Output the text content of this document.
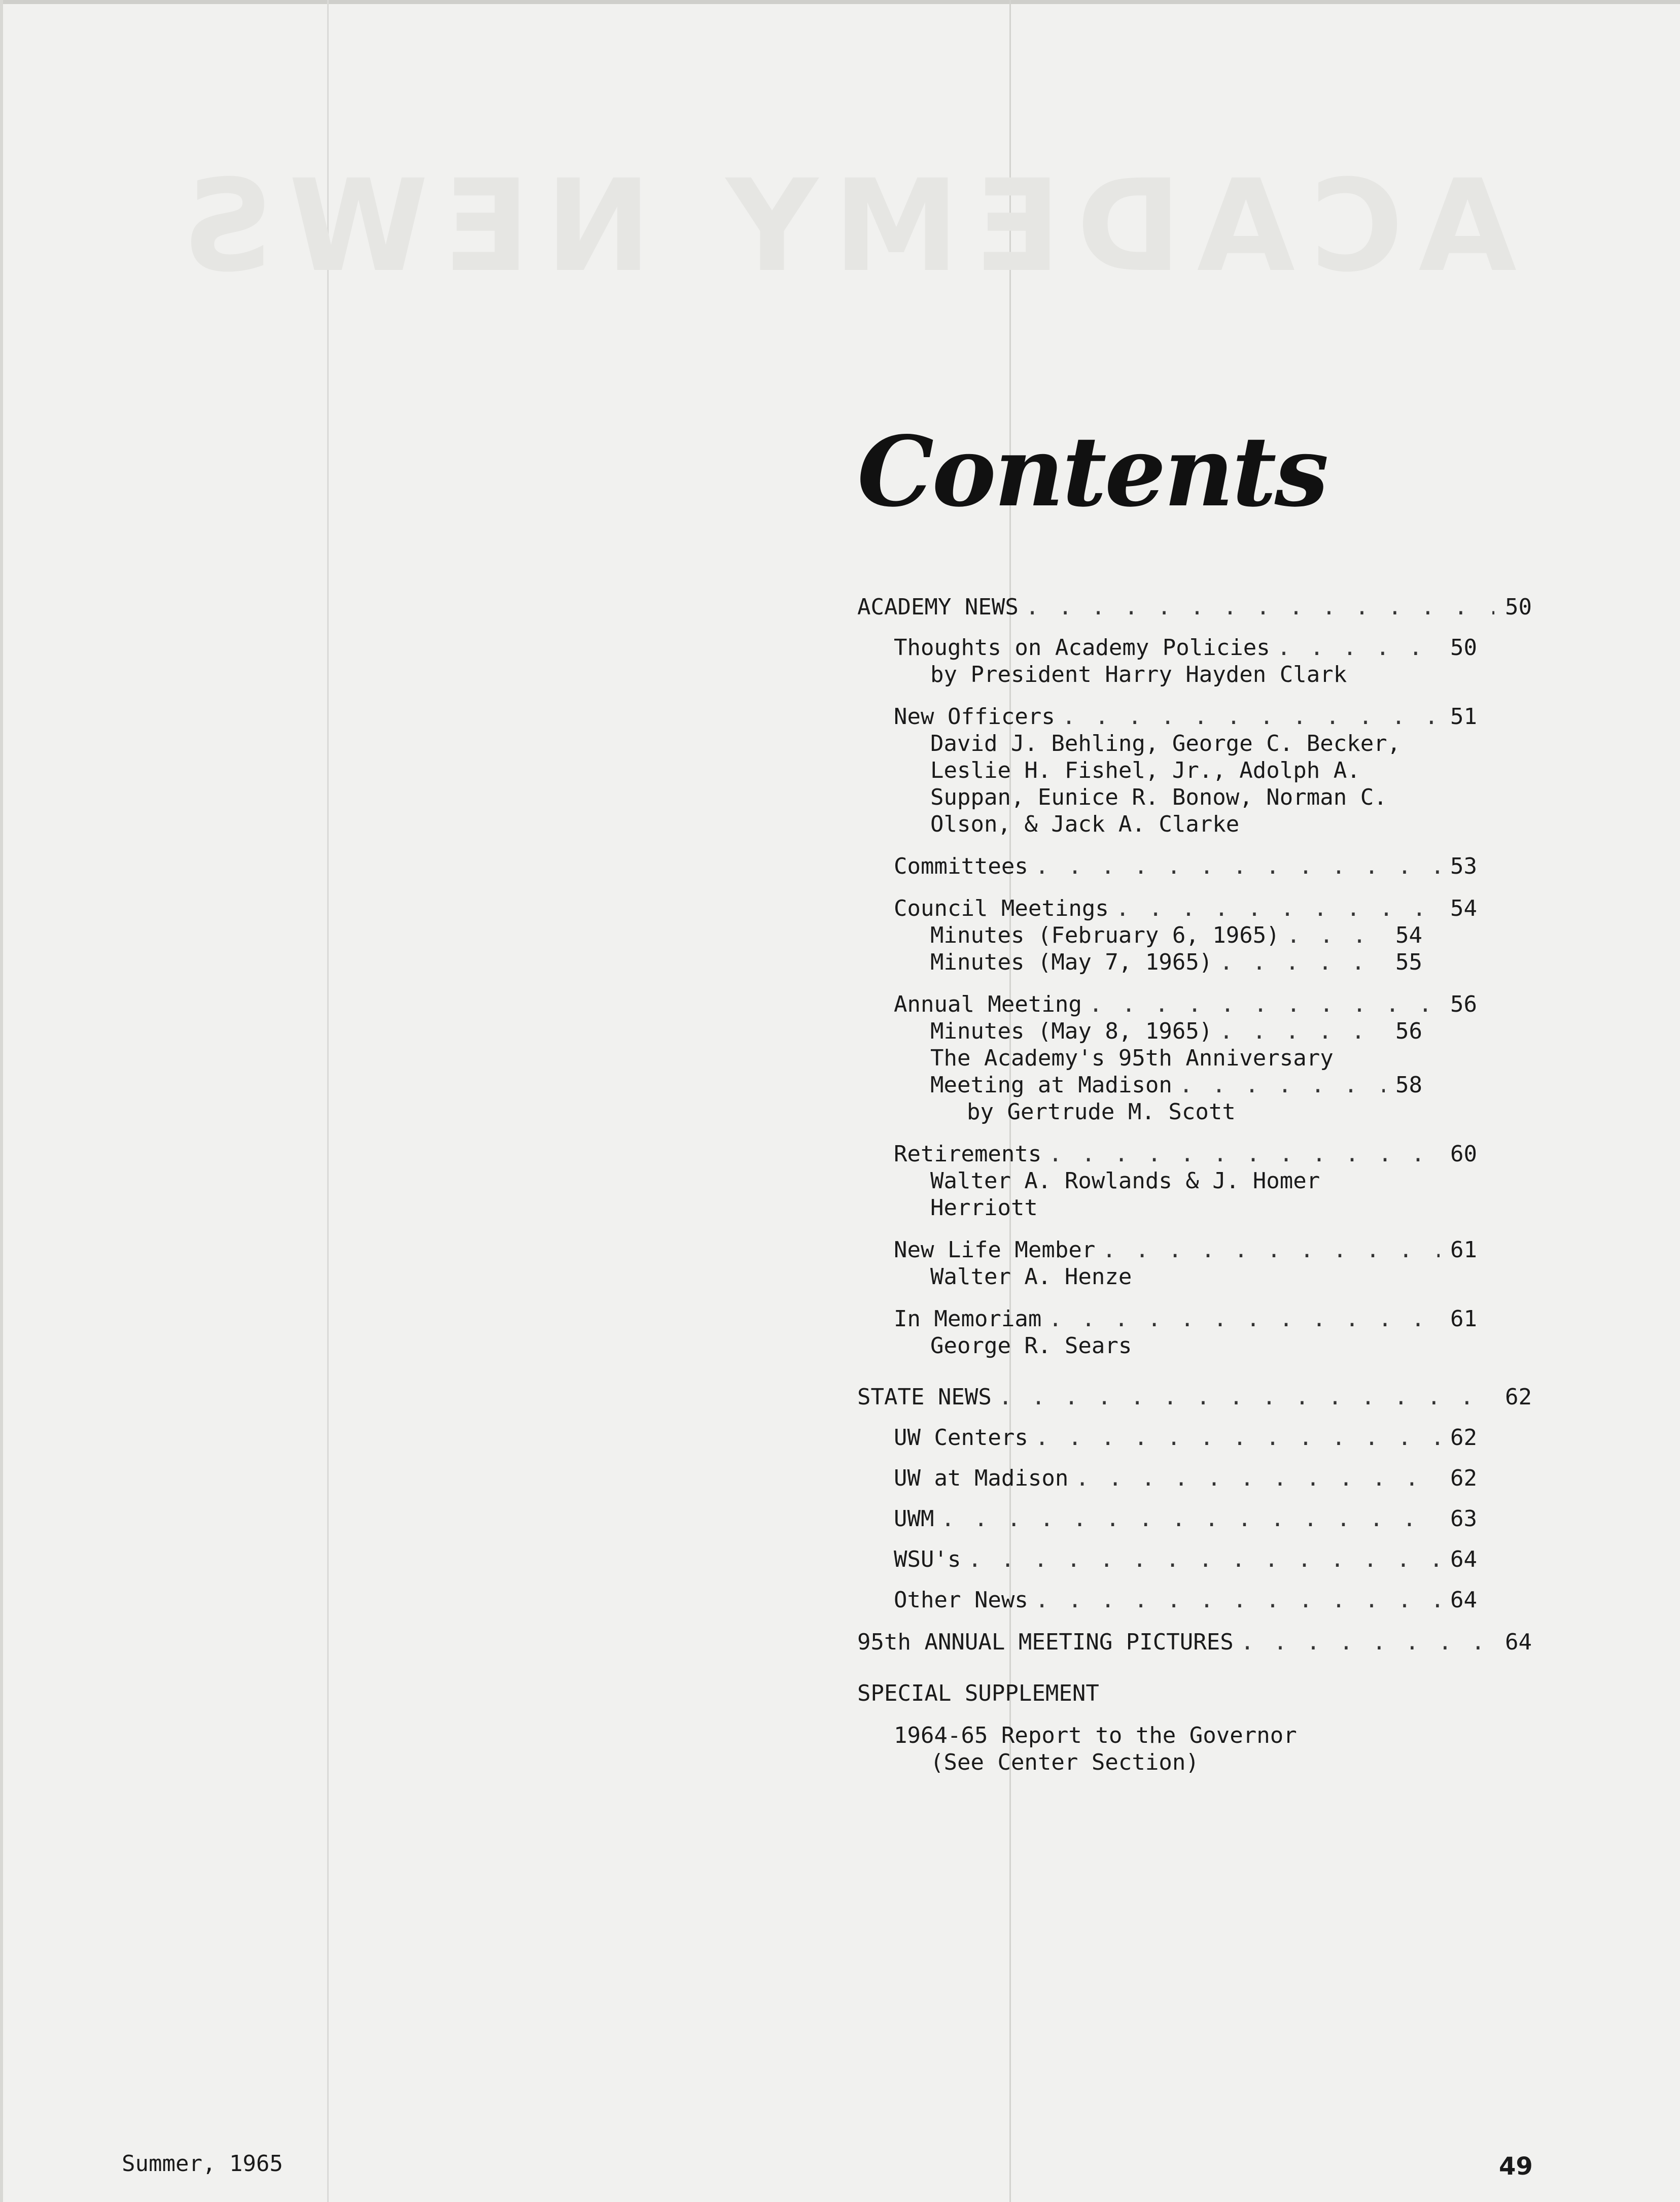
ACADEMY NEWS
Contents
ACADEMY NEWS . . .	50
Thoughts on Academy Policies . . .	50
by President Harry Hayden Clark
New Officers . . .	51
David J. Behling, George C. Becker,
Leslie H. Fishel, Jr., Adolph A.
Suppan, Eunice R. Bonow, Norman C.
Olson, & Jack A. Clarke
Committees . . .	53
Council Meetings . . .	54
Minutes (February 6, 1965) . . .	54
Minutes (May 7, 1965) . . .	55
Annual Meeting . . .	56
Minutes (May 8, 1965) . . .	56
The Academy's 95th Anniversary
Meeting at Madison . . .	58
by Gertrude M. Scott
Retirements . . .	60
Walter A. Rowlands & J. Homer
Herriott
New Life Member . . .	61
Walter A. Henze
In Memoriam . . .	61
George R. Sears
STATE NEWS . . .	62
UW Centers . . .	62
UW at Madison . . .	62
UWM . . .	63
WSU's . . .	64
Other News . . .	64
95th ANNUAL MEETING PICTURES . . .	64
SPECIAL SUPPLEMENT
1964-65 Report to the Governor
(See Center Section)
Summer, 1965	49
